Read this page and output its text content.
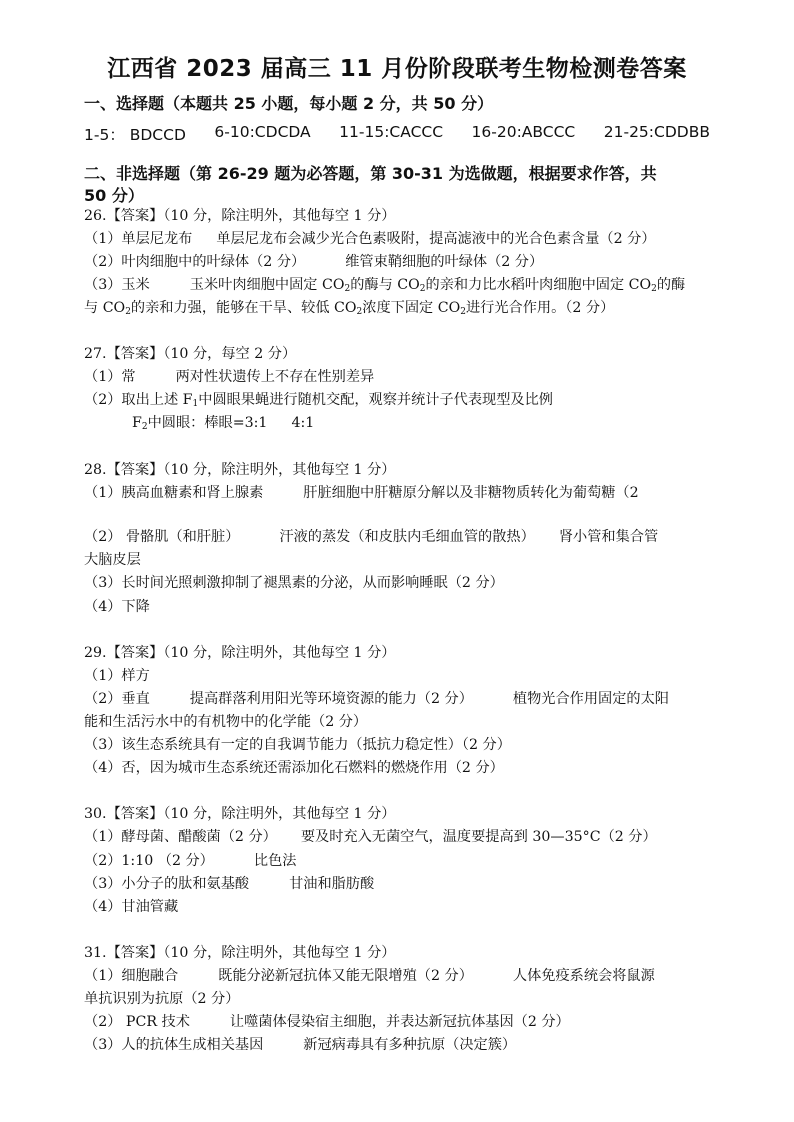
江西省 2023 届高三 11 月份阶段联考生物检测卷答案
一、选择题（本题共 25 小题，每小题 2 分，共 50 分）
1-5： BDCCD 6-10:CDCDA 11-15:CACCC 16-20:ABCCC 21-25:CDDBB
二、非选择题（第 26-29 题为必答题，第 30-31 为选做题，根据要求作答，共
50 分）
26.【答案】（10 分，除注明外，其他每空 1 分）
（1）单层尼龙布 单层尼龙布会减少光合色素吸附，提高滤液中的光合色素含量（2 分）
（2）叶肉细胞中的叶绿体（2 分）	维管束鞘细胞的叶绿体（2 分）
（3）玉米	玉米叶肉细胞中固定 $CO_2$的酶与 $CO_2$的亲和力比水稻叶肉细胞中固定 $CO_2$的酶
与 $CO_2$的亲和力强，能够在干旱、较低 $CO_2$浓度下固定 $CO_2$进行光合作用。（2 分）
27.【答案】（10 分，每空 2 分）
（1）常	两对性状遗传上不存在性别差异
（2）取出上述 $F_1$中圆眼果蝇进行随机交配，观察并统计子代表现型及比例
$F_2$中圆眼：棒眼=3:1 4:1
28.【答案】（10 分，除注明外，其他每空 1 分）
（1）胰高血糖素和肾上腺素	肝脏细胞中肝糖原分解以及非糖物质转化为葡萄糖（2
（2） 骨骼肌（和肝脏）	汗液的蒸发（和皮肤内毛细血管的散热） 肾小管和集合管
大脑皮层
（3）长时间光照刺激抑制了褪黑素的分泌，从而影响睡眠（2 分）
（4）下降
29.【答案】（10 分，除注明外，其他每空 1 分）
（1）样方
（2）垂直	提高群落利用阳光等环境资源的能力（2 分）	植物光合作用固定的太阳
能和生活污水中的有机物中的化学能（2 分）
（3）该生态系统具有一定的自我调节能力（抵抗力稳定性）（2 分）
（4）否，因为城市生态系统还需添加化石燃料的燃烧作用（2 分）
30.【答案】（10 分，除注明外，其他每空 1 分）
（1）酵母菌、醋酸菌（2 分） 要及时充入无菌空气，温度要提高到 30—35°C（2 分）
（2）1:10 （2 分）	比色法
（3）小分子的肽和氨基酸	甘油和脂肪酸
（4）甘油管藏
31.【答案】（10 分，除注明外，其他每空 1 分）
（1）细胞融合	既能分泌新冠抗体又能无限增殖（2 分）	人体免疫系统会将鼠源
单抗识别为抗原（2 分）
（2） PCR 技术	让噬菌体侵染宿主细胞，并表达新冠抗体基因（2 分）
（3）人的抗体生成相关基因	新冠病毒具有多种抗原（决定簇）
